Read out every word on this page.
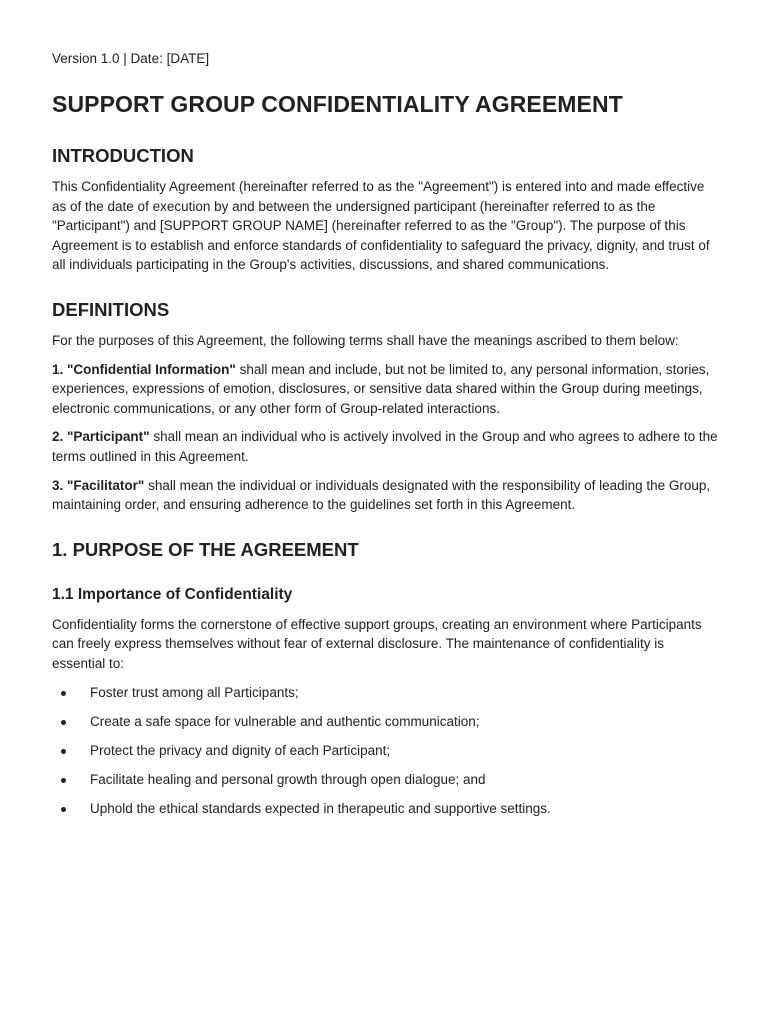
Version 1.0 | Date: [DATE]

SUPPORT GROUP CONFIDENTIALITY AGREEMENT
INTRODUCTION

This Confidentiality Agreement (hereinafter referred to as the "Agreement") is entered into and made effective as of the date of execution by and between the undersigned participant (hereinafter referred to as the "Participant") and [SUPPORT GROUP NAME] (hereinafter referred to as the "Group"). The purpose of this Agreement is to establish and enforce standards of confidentiality to safeguard the privacy, dignity, and trust of all individuals participating in the Group's activities, discussions, and shared communications.

DEFINITIONS

For the purposes of this Agreement, the following terms shall have the meanings ascribed to them below:

1. "Confidential Information" shall mean and include, but not be limited to, any personal information, stories, experiences, expressions of emotion, disclosures, or sensitive data shared within the Group during meetings, electronic communications, or any other form of Group-related interactions.

2. "Participant" shall mean an individual who is actively involved in the Group and who agrees to adhere to the terms outlined in this Agreement.

3. "Facilitator" shall mean the individual or individuals designated with the responsibility of leading the Group, maintaining order, and ensuring adherence to the guidelines set forth in this Agreement.

1. PURPOSE OF THE AGREEMENT
1.1 Importance of Confidentiality

Confidentiality forms the cornerstone of effective support groups, creating an environment where Participants can freely express themselves without fear of external disclosure. The maintenance of confidentiality is essential to:

Foster trust among all Participants;
Create a safe space for vulnerable and authentic communication;
Protect the privacy and dignity of each Participant;
Facilitate healing and personal growth through open dialogue; and
Uphold the ethical standards expected in therapeutic and supportive settings.
